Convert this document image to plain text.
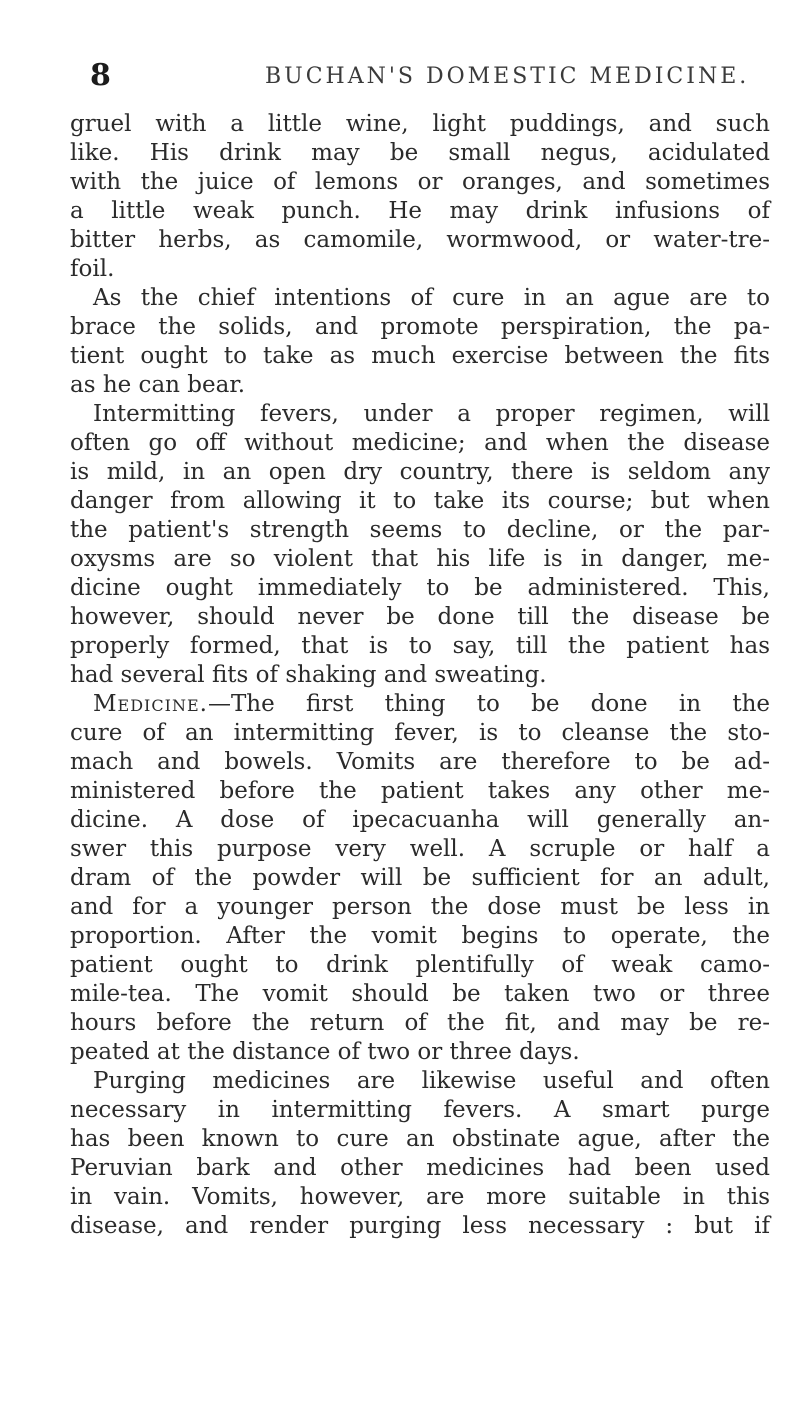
8	BUCHAN'S DOMESTIC MEDICINE.
gruel with a little wine, light puddings, and such
like. His drink may be small negus, acidulated
with the juice of lemons or oranges, and sometimes
a little weak punch. He may drink infusions of
bitter herbs, as camomile, wormwood, or water-tre-
foil.
As the chief intentions of cure in an ague are to
brace the solids, and promote perspiration, the pa-
tient ought to take as much exercise between the fits
as he can bear.
Intermitting fevers, under a proper regimen, will
often go off without medicine; and when the disease
is mild, in an open dry country, there is seldom any
danger from allowing it to take its course; but when
the patient's strength seems to decline, or the par-
oxysms are so violent that his life is in danger, me-
dicine ought immediately to be administered. This,
however, should never be done till the disease be
properly formed, that is to say, till the patient has
had several fits of shaking and sweating.
Medicine.—The first thing to be done in the
cure of an intermitting fever, is to cleanse the sto-
mach and bowels. Vomits are therefore to be ad-
ministered before the patient takes any other me-
dicine. A dose of ipecacuanha will generally an-
swer this purpose very well. A scruple or half a
dram of the powder will be sufficient for an adult,
and for a younger person the dose must be less in
proportion. After the vomit begins to operate, the
patient ought to drink plentifully of weak camo-
mile-tea. The vomit should be taken two or three
hours before the return of the fit, and may be re-
peated at the distance of two or three days.
Purging medicines are likewise useful and often
necessary in intermitting fevers. A smart purge
has been known to cure an obstinate ague, after the
Peruvian bark and other medicines had been used
in vain. Vomits, however, are more suitable in this
disease, and render purging less necessary : but if
